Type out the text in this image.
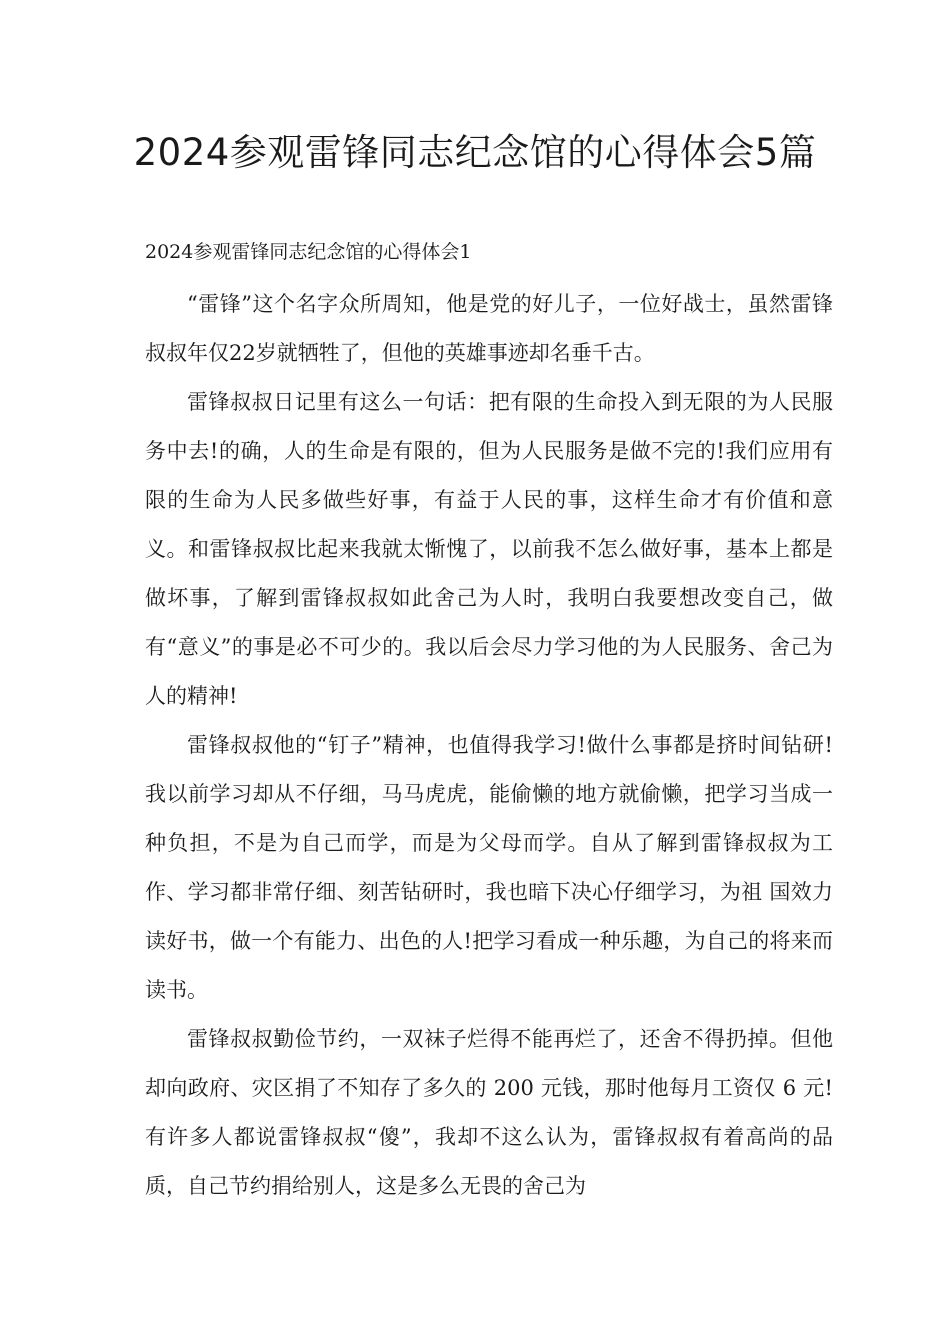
2024参观雷锋同志纪念馆的心得体会5篇
2024参观雷锋同志纪念馆的心得体会1

“雷锋”这个名字众所周知，他是党的好儿子，一位好战士，虽然雷锋叔叔年仅22岁就牺牲了，但他的英雄事迹却名垂千古。

雷锋叔叔日记里有这么一句话：把有限的生命投入到无限的为人民服务中去!的确，人的生命是有限的，但为人民服务是做不完的!我们应用有限的生命为人民多做些好事，有益于人民的事，这样生命才有价值和意义。和雷锋叔叔比起来我就太惭愧了，以前我不怎么做好事，基本上都是做坏事，了解到雷锋叔叔如此舍己为人时，我明白我要想改变自己，做有“意义”的事是必不可少的。我以后会尽力学习他的为人民服务、舍己为人的精神!

雷锋叔叔他的“钉子”精神，也值得我学习!做什么事都是挤时间钻研!我以前学习却从不仔细，马马虎虎，能偷懒的地方就偷懒，把学习当成一种负担，不是为自己而学，而是为父母而学。自从了解到雷锋叔叔为工作、学习都非常仔细、刻苦钻研时，我也暗下决心仔细学习，为祖 国效力读好书，做一个有能力、出色的人!把学习看成一种乐趣，为自己的将来而读书。

雷锋叔叔勤俭节约，一双袜子烂得不能再烂了，还舍不得扔掉。但他却向政府、灾区捐了不知存了多久的 200 元钱，那时他每月工资仅 6 元!有许多人都说雷锋叔叔“傻”，我却不这么认为，雷锋叔叔有着高尚的品质，自己节约捐给别人，这是多么无畏的舍己为
